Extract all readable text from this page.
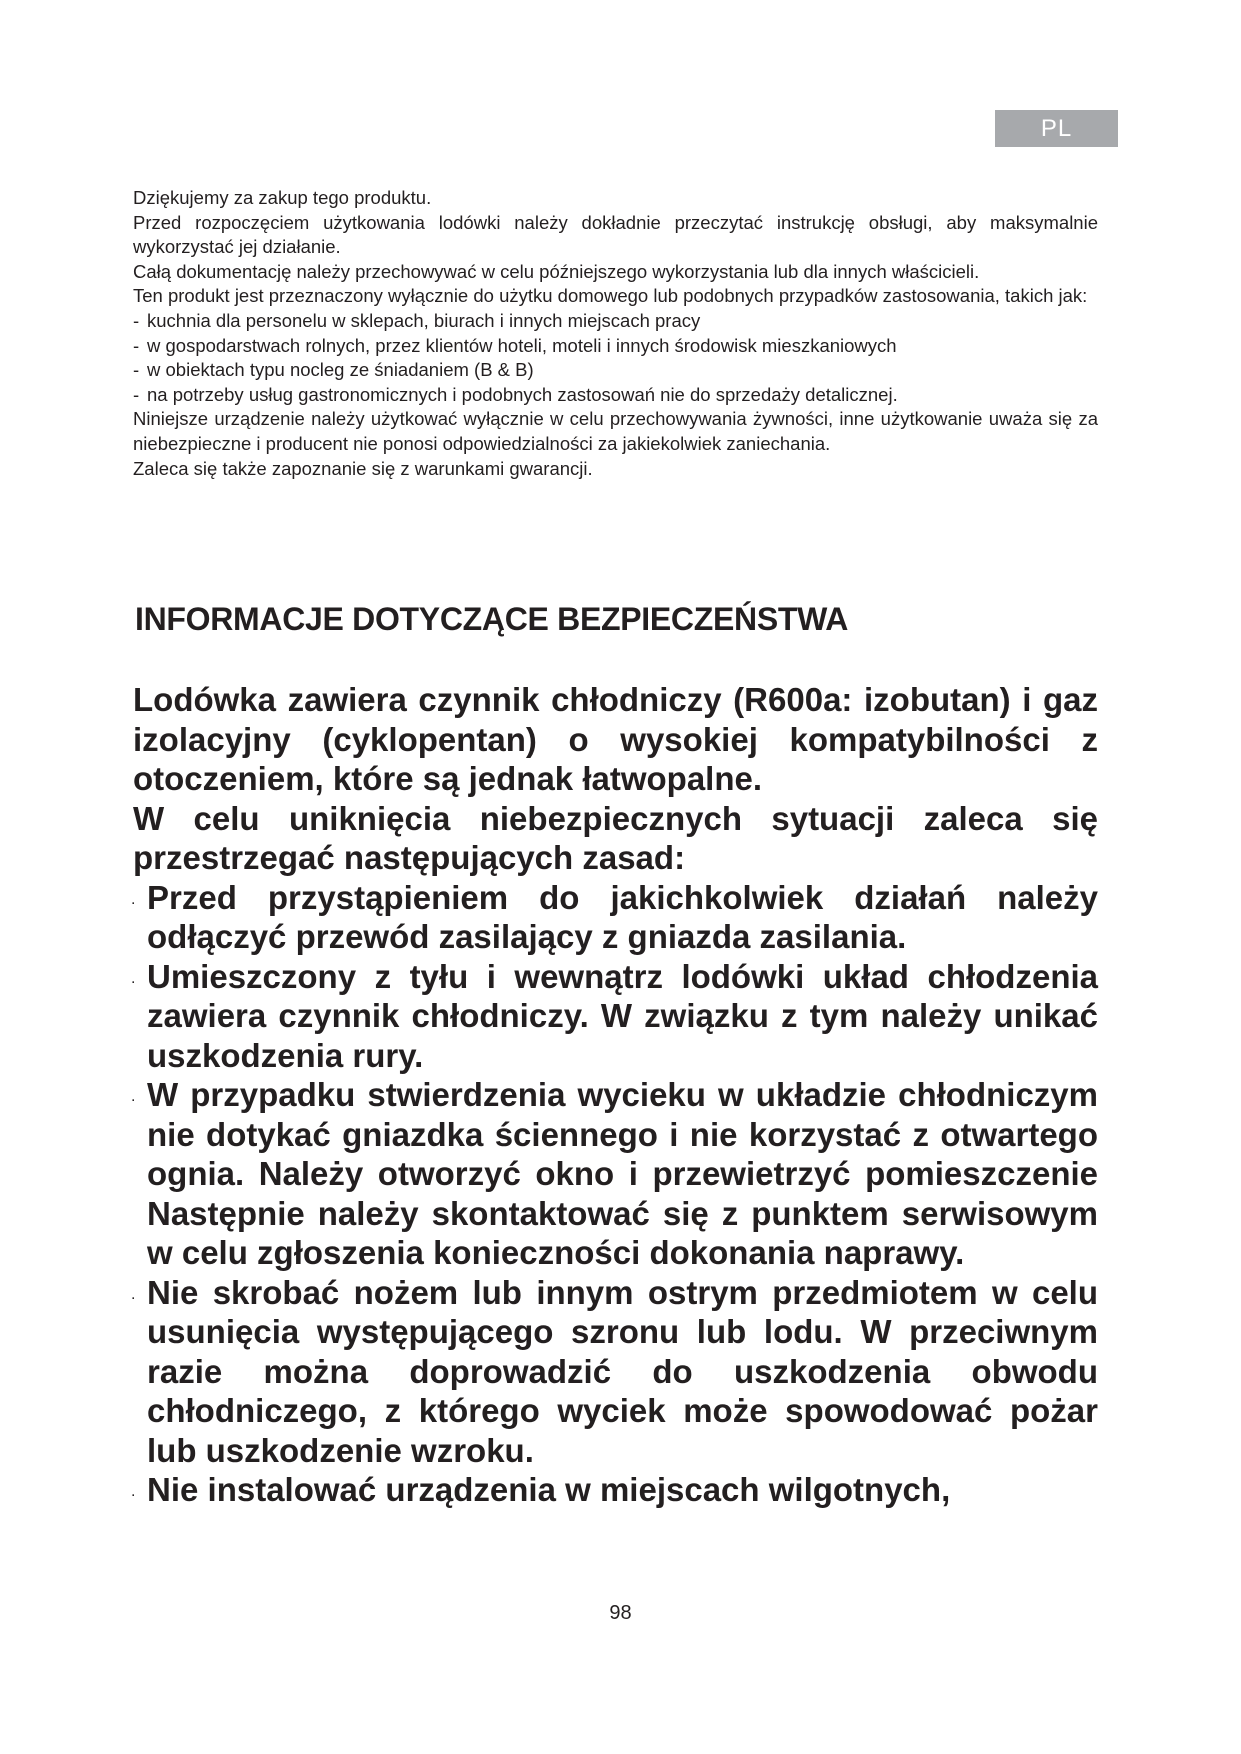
PL

Dziękujemy za zakup tego produktu.

Przed rozpoczęciem użytkowania lodówki należy dokładnie przeczytać instrukcję obsługi, aby maksymalnie wykorzystać jej działanie.

Całą dokumentację należy przechowywać w celu późniejszego wykorzystania lub dla innych właścicieli.

Ten produkt jest przeznaczony wyłącznie do użytku domowego lub podobnych przypadków zastosowania, takich jak:

- kuchnia dla personelu w sklepach, biurach i innych miejscach pracy
- w gospodarstwach rolnych, przez klientów hoteli, moteli i innych środowisk mieszkaniowych
- w obiektach typu nocleg ze śniadaniem (B & B)
- na potrzeby usług gastronomicznych i podobnych zastosowań nie do sprzedaży detalicznej.

Niniejsze urządzenie należy użytkować wyłącznie w celu przechowywania żywności, inne użytkowanie uważa się za niebezpieczne i producent nie ponosi odpowiedzialności za jakiekolwiek zaniechania.

Zaleca się także zapoznanie się z warunkami gwarancji.

INFORMACJE DOTYCZĄCE BEZPIECZEŃSTWA

Lodówka zawiera czynnik chłodniczy (R600a: izobutan) i gaz izolacyjny (cyklopentan) o wysokiej kompatybilności z otoczeniem, które są jednak łatwopalne.

W celu uniknięcia niebezpiecznych sytuacji zaleca się przestrzegać następujących zasad:

. Przed przystąpieniem do jakichkolwiek działań należy odłączyć przewód zasilający z gniazda zasilania.
. Umieszczony z tyłu i wewnątrz lodówki układ chłodzenia zawiera czynnik chłodniczy. W związku z tym należy unikać uszkodzenia rury.
. W przypadku stwierdzenia wycieku w układzie chłodniczym nie dotykać gniazdka ściennego i nie korzystać z otwartego ognia. Należy otworzyć okno i przewietrzyć pomieszczenie Następnie należy skontaktować się z punktem serwisowym w celu zgłoszenia konieczności dokonania naprawy.
. Nie skrobać nożem lub innym ostrym przedmiotem w celu usunięcia występującego szronu lub lodu. W przeciwnym razie można doprowadzić do uszkodzenia obwodu chłodniczego, z którego wyciek może spowodować pożar lub uszkodzenie wzroku.
. Nie instalować urządzenia w miejscach wilgotnych,
98
